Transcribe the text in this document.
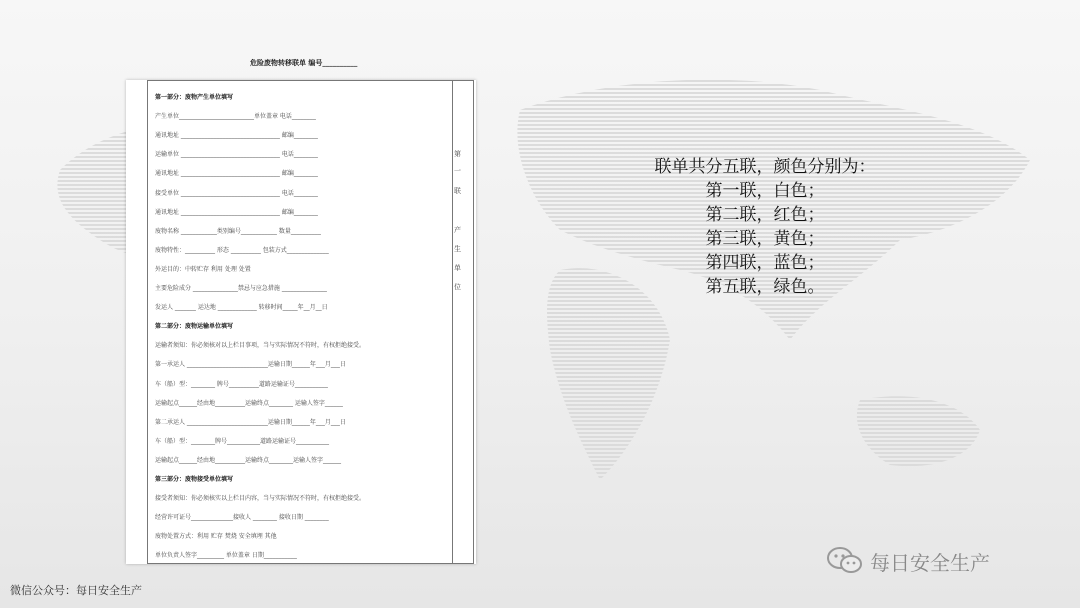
危险废物转移联单 编号__________
第一部分：废物产生单位填写
产生单位_________________________单位盖章 电话________
通讯地址 _________________________________ 邮编________
运输单位 _________________________________ 电话________
通讯地址 _________________________________ 邮编________
接受单位 _________________________________ 电话________
通讯地址 _________________________________ 邮编________
废物名称 ____________类别编号____________ 数量__________
废物特性：__________ 形态 __________ 包装方式______________
外运目的：中转贮存 利用 处理 处置
主要危险成分 _______________禁忌与应急措施 _______________
发运人 _______ 运达地 _____________ 转移时间_____年__月__日
第二部分：废物运输单位填写
运输者须知：你必须核对以上栏目事项，当与实际情况不符时，有权拒绝接受。
第一承运人 ___________________________运输日期______年___月___日
车（船）型：________ 牌号__________道路运输证号___________
运输起点______经由地__________运输终点________ 运输人签字______
第二承运人 ___________________________运输日期______年___月___日
车（船）型：________牌号___________道路运输证号___________
运输起点______经由地__________运输终点________运输人签字______
第三部分：废物接受单位填写
接受者须知：你必须核实以上栏目内容，当与实际情况不符时，有权拒绝接受。
经营许可证号______________接收人 ________ 接收日期 ________
废物处置方式：利用 贮存 焚烧 安全填埋 其他
单位负责人签字_________ 单位盖章 日期___________
第
一
联
产
生
单
位
联单共分五联，颜色分别为：
第一联，白色；
第二联，红色；
第三联，黄色；
第四联，蓝色；
第五联，绿色。
微信公众号：每日安全生产
每日安全生产
